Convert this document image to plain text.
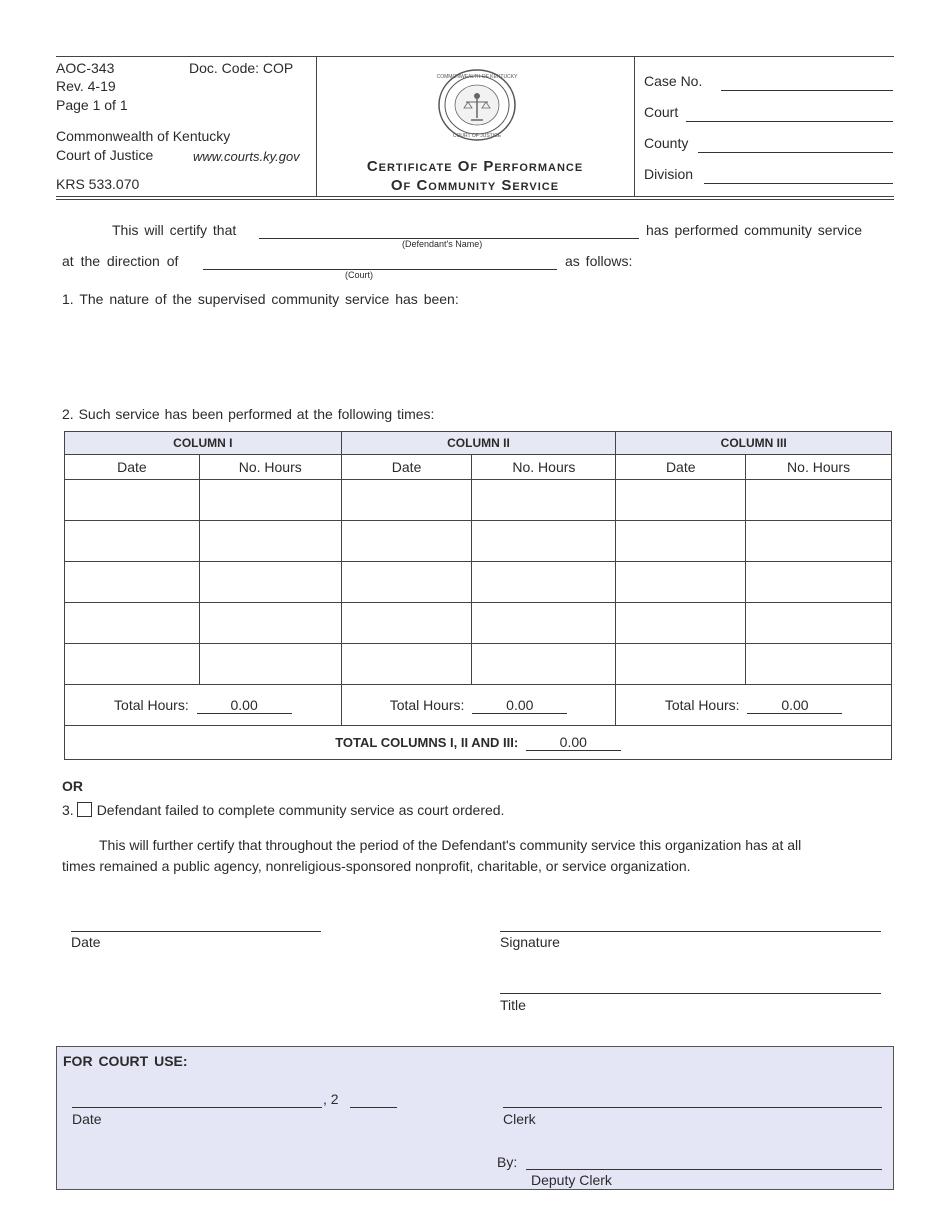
AOC-343	Doc. Code: COP
Rev. 4-19
Page 1 of 1
Commonwealth of Kentucky
Court of Justice	www.courts.ky.gov
KRS 533.070
COMMONWEALTH OF KENTUCKY
COURT OF JUSTICE
Certificate Of Performance
Of Community Service
Case No.
Court
County
Division
This will certify that
(Defendant's Name)
has performed community service
at the direction of
(Court)
as follows:
1. The nature of the supervised community service has been:
2. Such service has been performed at the following times:
COLUMN I		COLUMN II		COLUMN III	
Date	No. Hours	Date	No. Hours	Date	No. Hours

Total Hours: 0.00		Total Hours: 0.00		Total Hours: 0.00	
TOTAL COLUMNS I, II AND III: 0.00					
OR
3. Defendant failed to complete community service as court ordered.
This will further certify that throughout the period of the Defendant's community service this organization has at all
times remained a public agency, nonreligious-sponsored nonprofit, charitable, or service organization.
Date	Signature
Title
FOR COURT USE:
, 2
Date	Clerk
By:
Deputy Clerk
